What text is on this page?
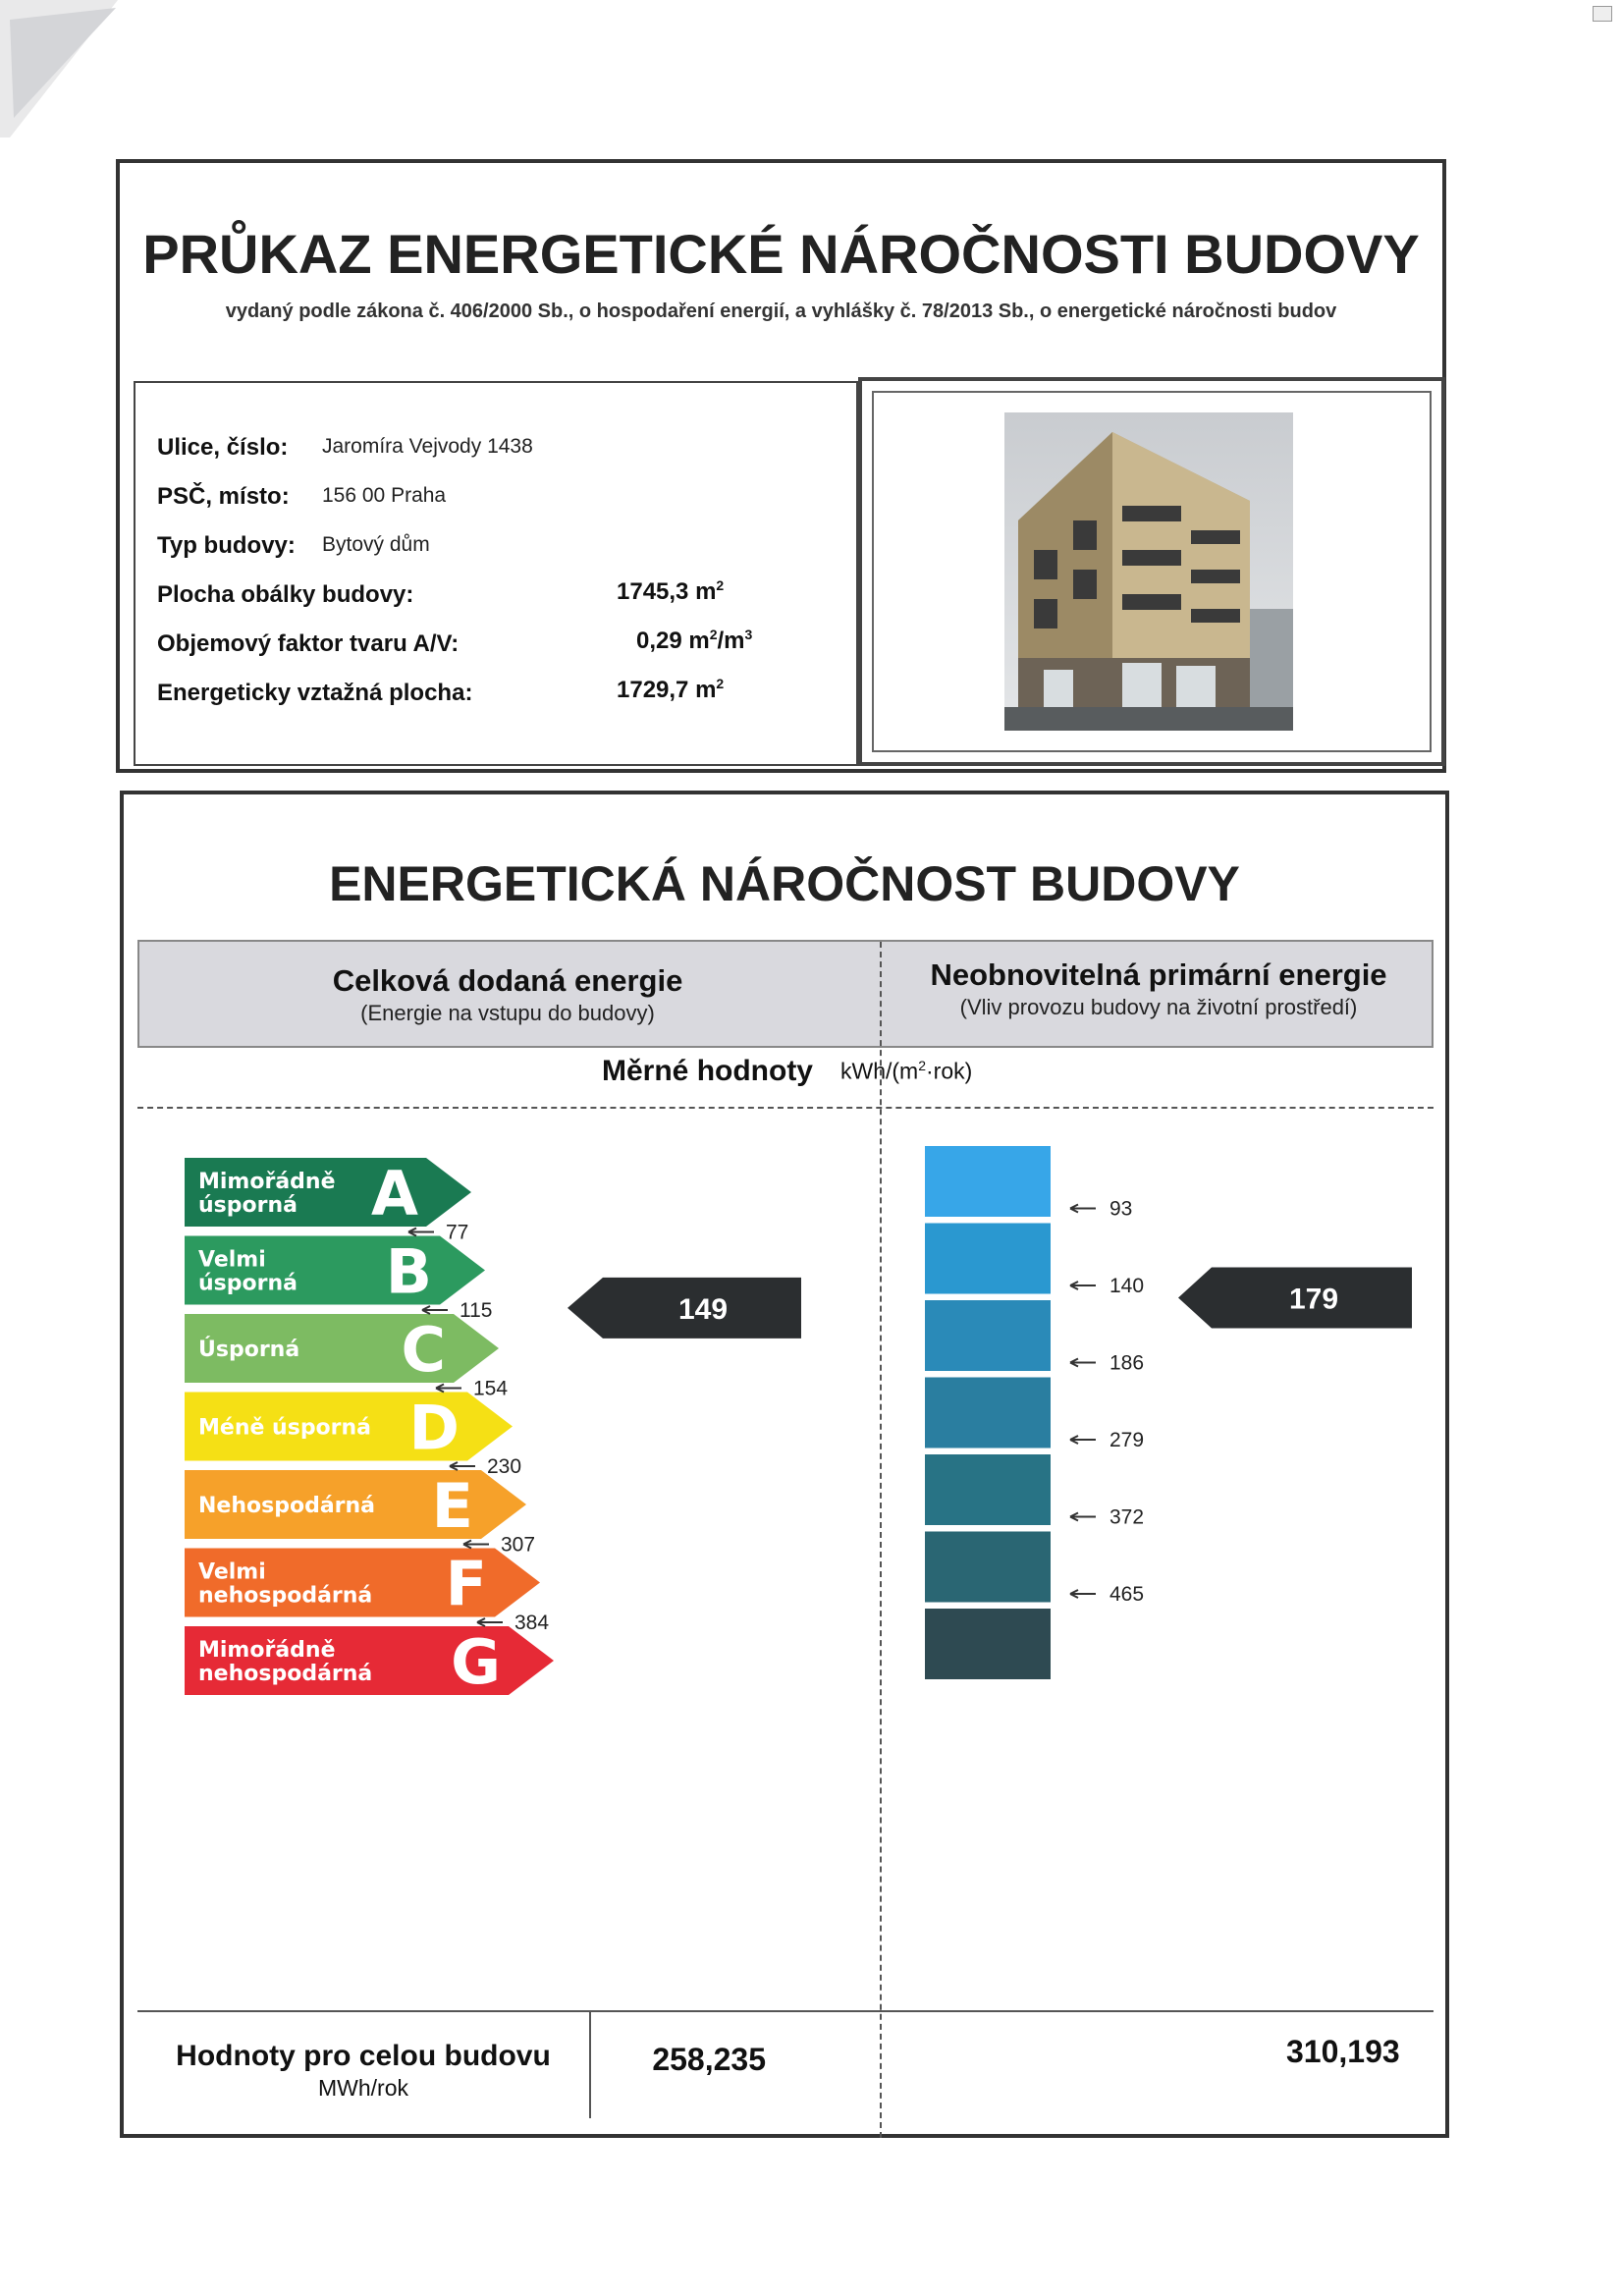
PRŮKAZ ENERGETICKÉ NÁROČNOSTI BUDOVY
vydaný podle zákona č. 406/2000 Sb., o hospodaření energií, a vyhlášky č. 78/2013 Sb., o energetické náročnosti budov
Ulice, číslo: Jaromíra Vejvody 1438
PSČ, místo: 156 00 Praha
Typ budovy: Bytový dům
Plocha obálky budovy:	1745,3 $m^2$
Objemový faktor tvaru A/V:	0,29 $m^2/m^3$
Energeticky vztažná plocha:	1729,7 $m^2$
ENERGETICKÁ NÁROČNOST BUDOVY
Celková dodaná energie
(Energie na vstupu do budovy)
Neobnovitelná primární energie
(Vliv provozu budovy na životní prostředí)
Měrné hodnoty kWh/$(m^2\cdot rok)$
Mimořádně
úsporná A
Velmi
úsporná B
Úsporná C
Méně úsporná D
Nehospodárná E
Velmi
nehospodárná F
Mimořádně
nehospodárná G
77
115
154
230
307
384
149
93
140
186
279
372
465
179
Hodnoty pro celou budovu
MWh/rok
258,235	310,193
